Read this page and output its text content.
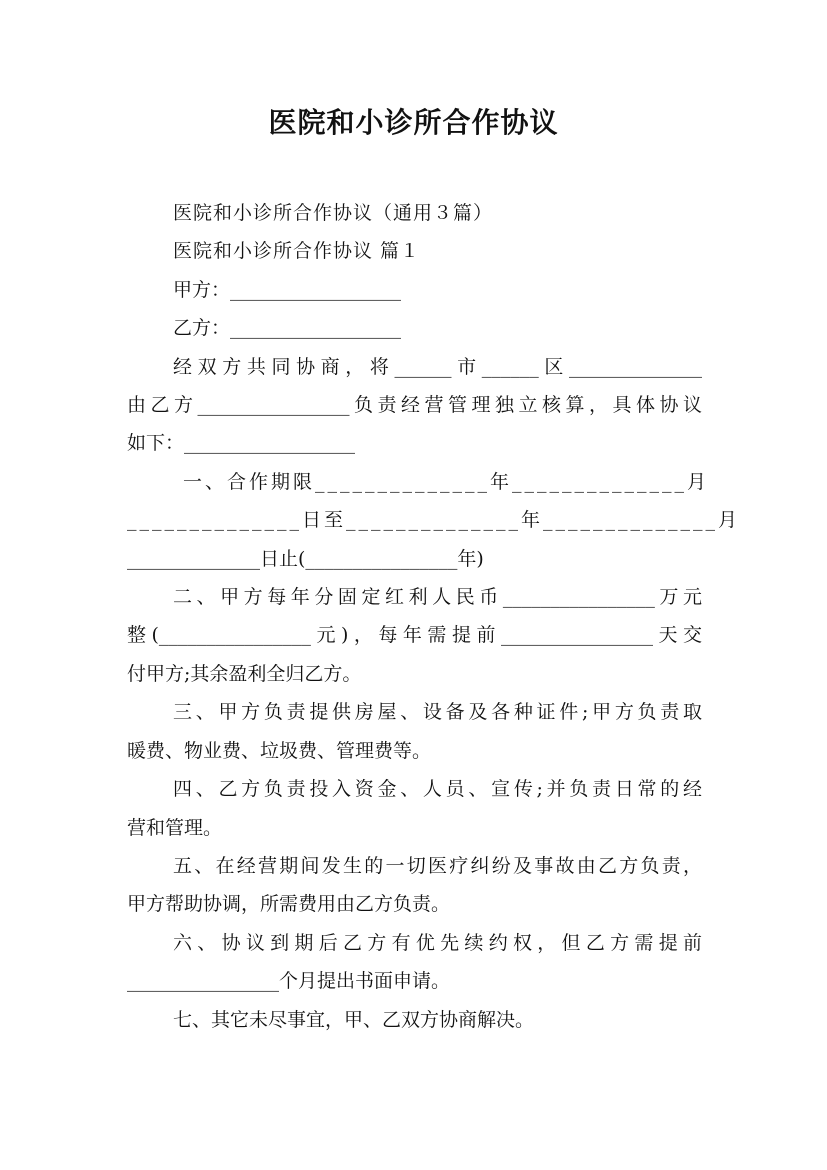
医院和小诊所合作协议

医院和小诊所合作协议（通用３篇）

医院和小诊所合作协议 篇１

甲方：__________________

乙方：__________________

经双方共同协商，将______市______区______________

由乙方________________负责经营管理独立核算，具体协议

如下：__________________

一、合作期限______________年______________月

______________日至______________年______________月

______________日止(________________年)

二、甲方每年分固定红利人民币________________万元

整(________________元)，每年需提前________________天交

付甲方;其余盈利全归乙方。

三、甲方负责提供房屋、设备及各种证件;甲方负责取

暖费、物业费、垃圾费、管理费等。

四、乙方负责投入资金、人员、宣传;并负责日常的经

营和管理。

五、在经营期间发生的一切医疗纠纷及事故由乙方负责，

甲方帮助协调，所需费用由乙方负责。

六、协议到期后乙方有优先续约权，但乙方需提前

________________个月提出书面申请。

七、其它未尽事宜，甲、乙双方协商解决。
